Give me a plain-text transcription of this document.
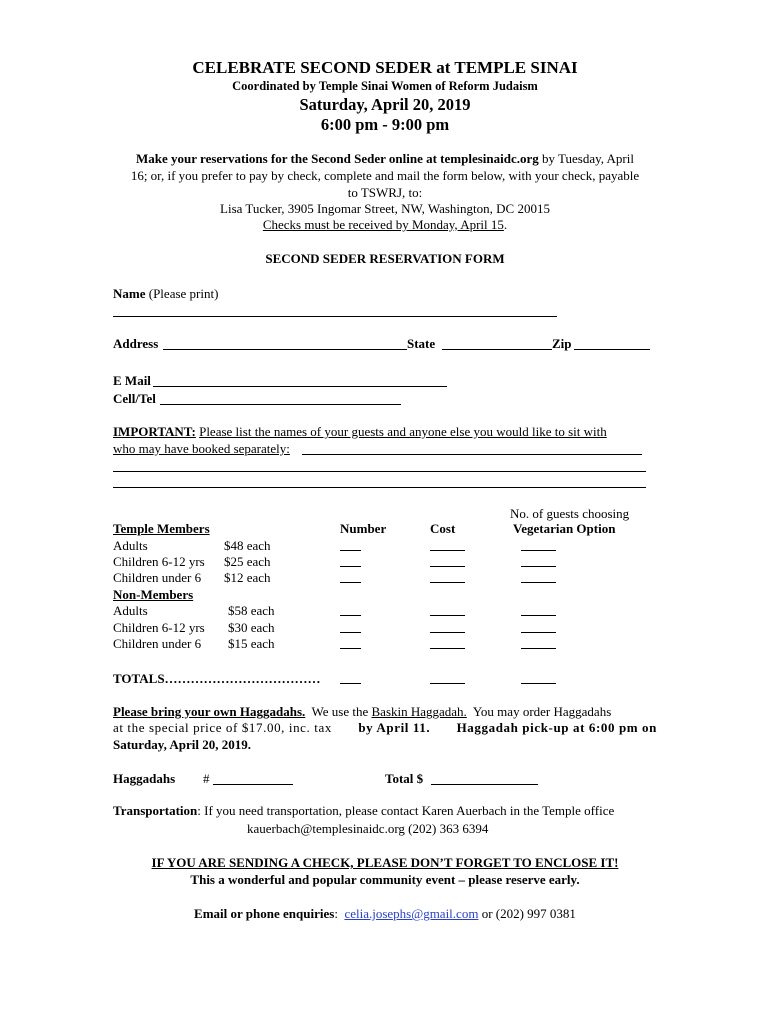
CELEBRATE SECOND SEDER at TEMPLE SINAI
Coordinated by Temple Sinai Women of Reform Judaism
Saturday, April 20, 2019
6:00 pm - 9:00 pm
Make your reservations for the Second Seder online at templesinaidc.org by Tuesday, April
16; or, if you prefer to pay by check, complete and mail the form below, with your check, payable
to TSWRJ, to:
Lisa Tucker, 3905 Ingomar Street, NW, Washington, DC 20015
Checks must be received by Monday, April 15.
SECOND SEDER RESERVATION FORM
Name (Please print)
Address	State	Zip
E Mail
Cell/Tel
IMPORTANT: Please list the names of your guests and anyone else you would like to sit with
who may have booked separately:
No. of guests choosing
Temple Members	Number	Cost	Vegetarian Option
Adults	$48 each
Children 6-12 yrs $25 each
Children under 6 $12 each
Non-Members
Adults	$58 each
Children 6-12 yrs $30 each
Children under 6 $15 each
TOTALS………………………………
Please bring your own Haggadahs. We use the Baskin Haggadah. You may order Haggadahs
at the special price of $17.00, inc. tax by April 11. Haggadah pick-up at 6:00 pm on
Saturday, April 20, 2019.
Haggadahs #	Total $
Transportation: If you need transportation, please contact Karen Auerbach in the Temple office
kauerbach@templesinaidc.org (202) 363 6394
IF YOU ARE SENDING A CHECK, PLEASE DON’T FORGET TO ENCLOSE IT!
This a wonderful and popular community event – please reserve early.
Email or phone enquiries: celia.josephs@gmail.com or (202) 997 0381
